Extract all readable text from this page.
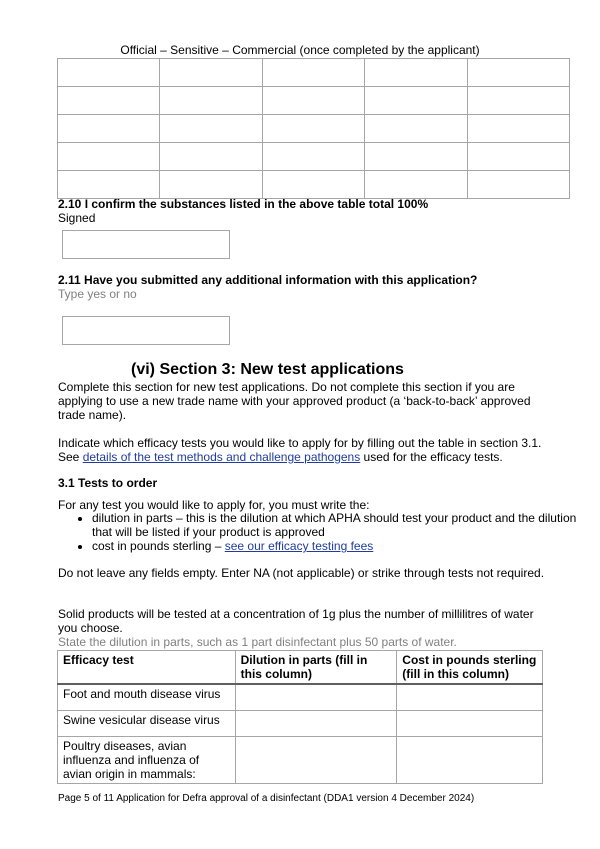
Official – Sensitive – Commercial (once completed by the applicant)

2.10 I confirm the substances listed in the above table total 100%
Signed
2.11 Have you submitted any additional information with this application?
Type yes or no
(vi) Section 3: New test applications
Complete this section for new test applications. Do not complete this section if you are applying to use a new trade name with your approved product (a ‘back-to-back’ approved trade name).
Indicate which efficacy tests you would like to apply for by filling out the table in section 3.1. See details of the test methods and challenge pathogens used for the efficacy tests.
3.1 Tests to order
For any test you would like to apply for, you must write the:
• dilution in parts – this is the dilution at which APHA should test your product and the dilution that will be listed if your product is approved
• cost in pounds sterling – see our efficacy testing fees
Do not leave any fields empty. Enter NA (not applicable) or strike through tests not required.
Solid products will be tested at a concentration of 1g plus the number of millilitres of water you choose.
State the dilution in parts, such as 1 part disinfectant plus 50 parts of water.
Efficacy test	Dilution in parts (fill in this column)	Cost in pounds sterling (fill in this column)
Foot and mouth disease virus		
Swine vesicular disease virus		
Poultry diseases, avian influenza and influenza of avian origin in mammals:		
Page 5 of 11 Application for Defra approval of a disinfectant (DDA1 version 4 December 2024)
